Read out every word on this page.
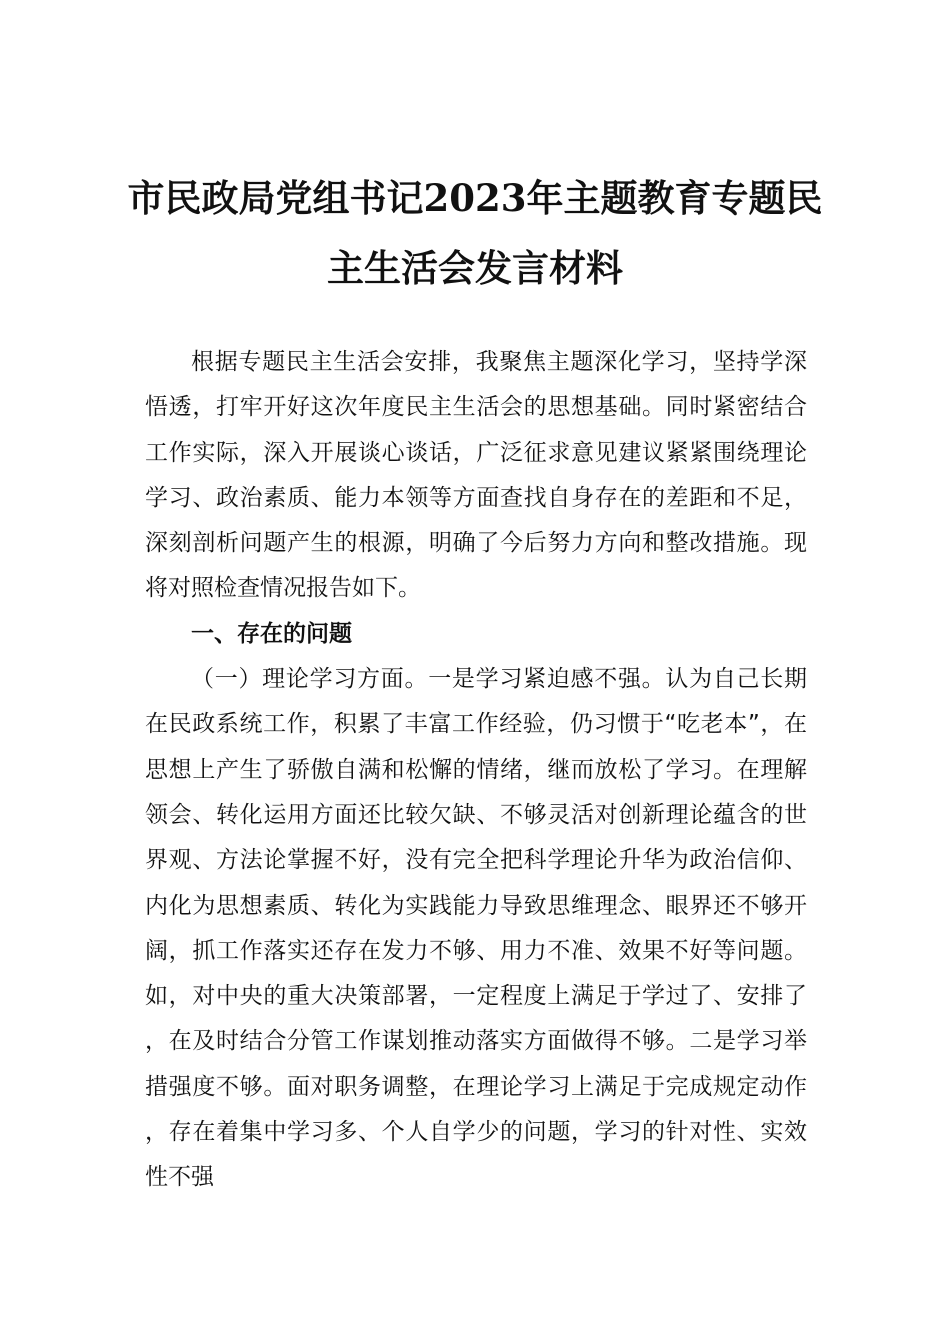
市民政局党组书记2023年主题教育专题民
主生活会发言材料

根据专题民主生活会安排，我聚焦主题深化学习，坚持学深悟透，打牢开好这次年度民主生活会的思想基础。同时紧密结合工作实际，深入开展谈心谈话，广泛征求意见建议紧紧围绕理论学习、政治素质、能力本领等方面查找自身存在的差距和不足，深刻剖析问题产生的根源，明确了今后努力方向和整改措施。现将对照检查情况报告如下。

一、存在的问题

（一）理论学习方面。一是学习紧迫感不强。认为自己长期在民政系统工作，积累了丰富工作经验，仍习惯于“吃老本”，在思想上产生了骄傲自满和松懈的情绪，继而放松了学习。在理解领会、转化运用方面还比较欠缺、不够灵活对创新理论蕴含的世界观、方法论掌握不好，没有完全把科学理论升华为政治信仰、内化为思想素质、转化为实践能力导致思维理念、眼界还不够开阔，抓工作落实还存在发力不够、用力不准、效果不好等问题。如，对中央的重大决策部署，一定程度上满足于学过了、安排了，在及时结合分管工作谋划推动落实方面做得不够。二是学习举措强度不够。面对职务调整，在理论学习上满足于完成规定动作，存在着集中学习多、个人自学少的问题，学习的针对性、实效性不强
